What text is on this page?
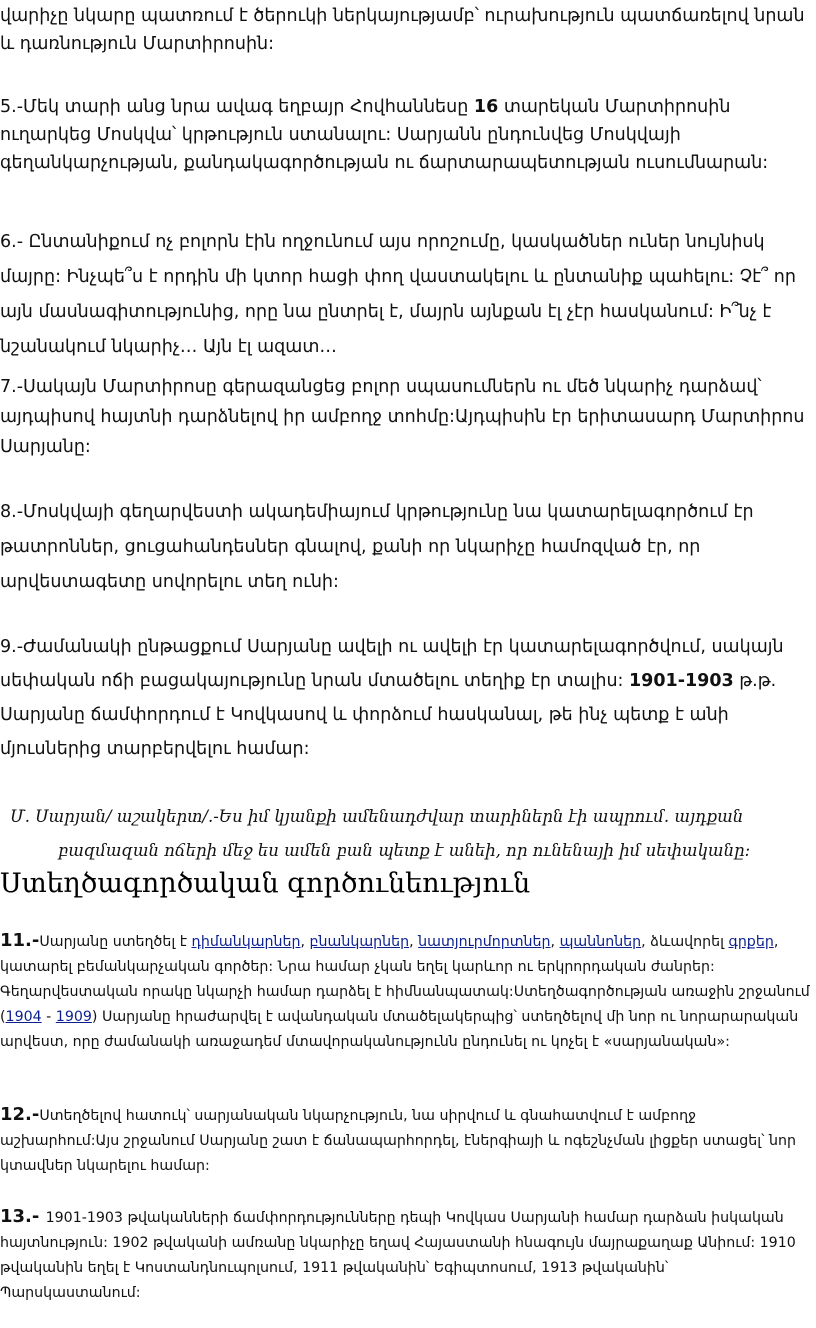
վարիչը նկարը պատռում է ծերուկի ներկայությամբ՝ ուրախություն պատճառելով նրան և դառնություն Մարտիրոսին:

5.-Մեկ տարի անց նրա ավագ եղբայր Հովհաննեսը 16 տարեկան Մարտիրոսին ուղարկեց Մոսկվա՝ կրթություն ստանալու: Սարյանն ընդունվեց Մոսկվայի գեղանկարչության, քանդակագործության ու ճարտարապետության ուսումնարան:

6.- Ընտանիքում ոչ բոլորն էին ողջունում այս որոշումը, կասկածներ ուներ նույնիսկ մայրը: Ինչպե՞ս է որդին մի կտոր հացի փող վաստակելու և ընտանիք պահելու: Չէ՞ որ այն մասնագիտությունից, որը նա ընտրել է, մայրն այնքան էլ չէր հասկանում: Ի՞նչ է նշանակում նկարիչ… Այն էլ ազատ…

7.-Սակայն Մարտիրոսը գերազանցեց բոլոր սպասումներն ու մեծ նկարիչ դարձավ՝ այդպիսով հայտնի դարձնելով իր ամբողջ տոհմը:Այդպիսին էր երիտասարդ Մարտիրոս Սարյանը:

8.-Մոսկվայի գեղարվեստի ակադեմիայում կրթությունը նա կատարելագործում էր թատրոններ, ցուցահանդեսներ գնալով, քանի որ նկարիչը համոզված էր, որ արվեստագետը սովորելու տեղ ունի:

9.-Ժամանակի ընթացքում Սարյանը ավելի ու ավելի էր կատարելագործվում, սակայն սեփական ոճի բացակայությունը նրան մտածելու տեղիք էր տալիս: 1901-1903 թ.թ. Սարյանը ճամփորդում է Կովկասով և փորձում հասկանալ, թե ինչ պետք է անի մյուսներից տարբերվելու համար:

Մ. Սարյան/ աշակերտ/.-Ես իմ կյանքի ամենադժվար տարիներն էի ապրում. այդքան
բազմազան ոճերի մեջ ես ամեն բան պետք է անեի, որ ունենայի իմ սեփականը:
Ստեղծագործական գործունեություն

11.-Սարյանը ստեղծել է դիմանկարներ, բնանկարներ, նատյուրմորտներ, պաննոներ, ձևավորել գրքեր, կատարել բեմանկարչական գործեր: Նրա համար չկան եղել կարևոր ու երկրորդական ժանրեր: Գեղարվեստական որակը նկարչի համար դարձել է հիմնանպատակ:Ստեղծագործության առաջին շրջանում (1904 - 1909) Սարյանը հրաժարվել է ավանդական մտածելակերպից՝ ստեղծելով մի նոր ու նորարարական արվեստ, որը ժամանակի առաջադեմ մտավորականությունն ընդունել ու կոչել է «սարյանական»:

12.-Ստեղծելով հատուկ՝ սարյանական նկարչություն, նա սիրվում և գնահատվում է ամբողջ աշխարհում:Այս շրջանում Սարյանը շատ է ճանապարհորդել, էներգիայի և ոգեշնչման լիցքեր ստացել՝ նոր կտավներ նկարելու համար:

13.- 1901-1903 թվականների ճամփորդությունները դեպի Կովկաս Սարյանի համար դարձան իսկական հայտնություն: 1902 թվականի ամռանը նկարիչը եղավ Հայաստանի հնագույն մայրաքաղաք Անիում: 1910 թվականին եղել է Կոստանդնուպոլսում, 1911 թվականին՝ Եգիպտոսում, 1913 թվականին՝ Պարսկաստանում:
